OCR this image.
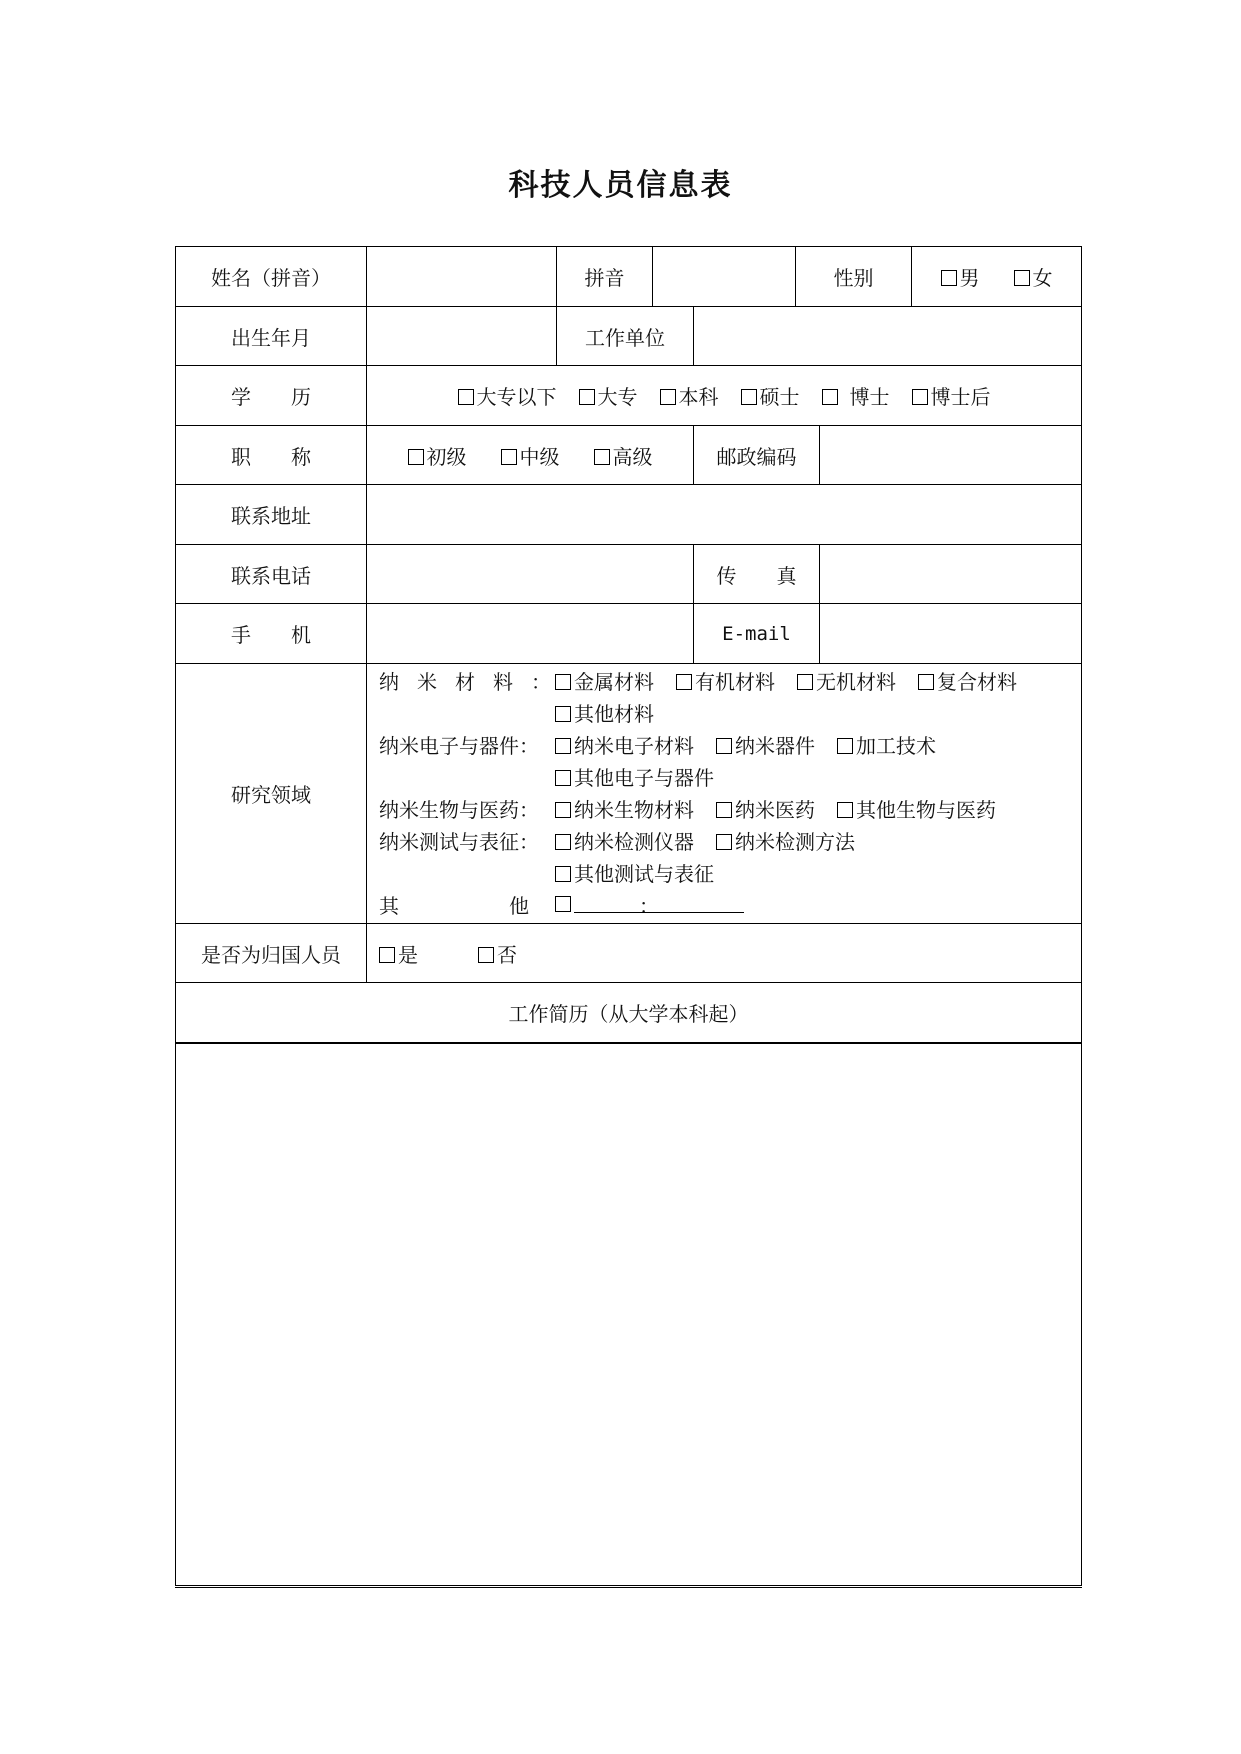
科技人员信息表
姓名（拼音）	拼音	性别	男	女
出生年月	工作单位
学　　历	大专以下	大专	本科	硕士	博士	博士后
职　　称	初级	中级	高级	邮政编码
联系地址
联系电话	传　　真
手　　机	E-mail
研究领域
纳米材料： 金属材料	有机材料	无机材料	复合材料
其他材料
纳米电子与器件：	纳米电子材料	纳米器件	加工技术
其他电子与器件
纳米生物与医药：	纳米生物材料	纳米医药	其他生物与医药
纳米测试与表征：	纳米检测仪器	纳米检测方法
其他测试与表征
其他：
是否为归国人员	是	否
工作简历（从大学本科起）
